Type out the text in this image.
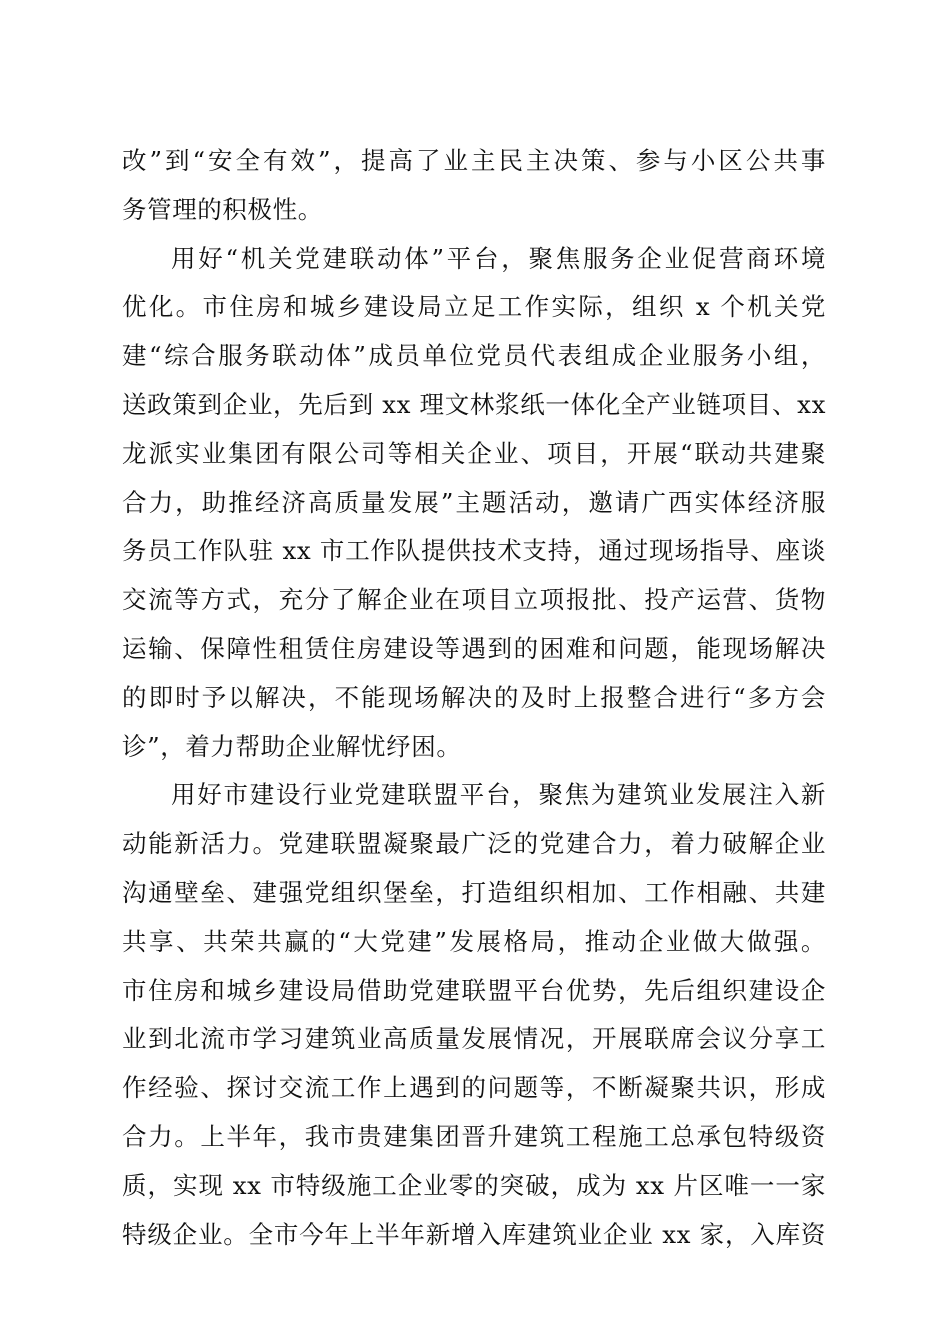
改”到“安全有效”，提高了业主民主决策、参与小区公共事
务管理的积极性。
用好“机关党建联动体”平台，聚焦服务企业促营商环境
优化。市住房和城乡建设局立足工作实际，组织 x 个机关党
建“综合服务联动体”成员单位党员代表组成企业服务小组，
送政策到企业，先后到 xx 理文林浆纸一体化全产业链项目、xx
龙派实业集团有限公司等相关企业、项目，开展“联动共建聚
合力，助推经济高质量发展”主题活动，邀请广西实体经济服
务员工作队驻 xx 市工作队提供技术支持，通过现场指导、座谈
交流等方式，充分了解企业在项目立项报批、投产运营、货物
运输、保障性租赁住房建设等遇到的困难和问题，能现场解决
的即时予以解决，不能现场解决的及时上报整合进行“多方会
诊”，着力帮助企业解忧纾困。
用好市建设行业党建联盟平台，聚焦为建筑业发展注入新
动能新活力。党建联盟凝聚最广泛的党建合力，着力破解企业
沟通壁垒、建强党组织堡垒，打造组织相加、工作相融、共建
共享、共荣共赢的“大党建”发展格局，推动企业做大做强。
市住房和城乡建设局借助党建联盟平台优势，先后组织建设企
业到北流市学习建筑业高质量发展情况，开展联席会议分享工
作经验、探讨交流工作上遇到的问题等，不断凝聚共识，形成
合力。上半年，我市贵建集团晋升建筑工程施工总承包特级资
质，实现 xx 市特级施工企业零的突破，成为 xx 片区唯一一家
特级企业。全市今年上半年新增入库建筑业企业 xx 家，入库资
